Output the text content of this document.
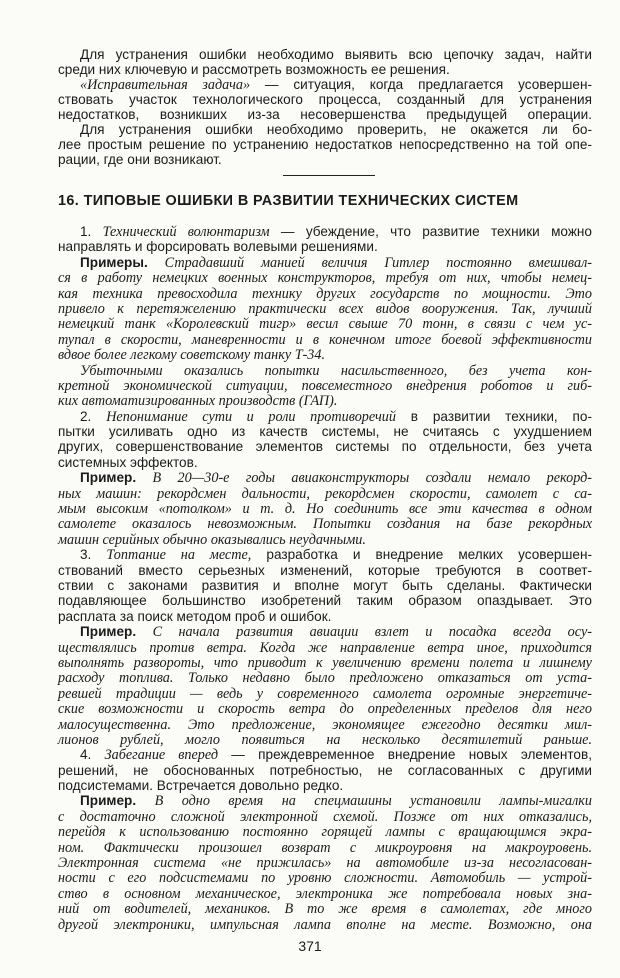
Для устранения ошибки необходимо выявить всю цепочку задач, найти
среди них ключевую и рассмотреть возможность ее решения.
«Исправительная задача» — ситуация, когда предлагается усовершен-
ствовать участок технологического процесса, созданный для устранения
недостатков, возникших из-за несовершенства предыдущей операции.
Для устранения ошибки необходимо проверить, не окажется ли бо-
лее простым решение по устранению недостатков непосредственно на той опе-
рации, где они возникают.
16. ТИПОВЫЕ ОШИБКИ В РАЗВИТИИ ТЕХНИЧЕСКИХ СИСТЕМ
1. Технический волюнтаризм — убеждение, что развитие техники можно
направлять и форсировать волевыми решениями.
Примеры. Страдавший манией величия Гитлер постоянно вмешивал-
ся в работу немецких военных конструкторов, требуя от них, чтобы немец-
кая техника превосходила технику других государств по мощности. Это
привело к перетяжелению практически всех видов вооружения. Так, лучший
немецкий танк «Королевский тигр» весил свыше 70 тонн, в связи с чем ус-
тупал в скорости, маневренности и в конечном итоге боевой эффективности
вдвое более легкому советскому танку Т-34.
Убыточными оказались попытки насильственного, без учета кон-
кретной экономической ситуации, повсеместного внедрения роботов и гиб-
ких автоматизированных производств (ГАП).
2. Непонимание сути и роли противоречий в развитии техники, по-
пытки усиливать одно из качеств системы, не считаясь с ухудшением
других, совершенствование элементов системы по отдельности, без учета
системных эффектов.
Пример. В 20—30-е годы авиаконструкторы создали немало рекорд-
ных машин: рекордсмен дальности, рекордсмен скорости, самолет с са-
мым высоким «потолком» и т. д. Но соединить все эти качества в одном
самолете оказалось невозможным. Попытки создания на базе рекордных
машин серийных обычно оказывались неудачными.
3. Топтание на месте, разработка и внедрение мелких усовершен-
ствований вместо серьезных изменений, которые требуются в соответ-
ствии с законами развития и вполне могут быть сделаны. Фактически
подавляющее большинство изобретений таким образом опаздывает. Это
расплата за поиск методом проб и ошибок.
Пример. С начала развития авиации взлет и посадка всегда осу-
ществлялись против ветра. Когда же направление ветра иное, приходится
выполнять развороты, что приводит к увеличению времени полета и лишнему
расходу топлива. Только недавно было предложено отказаться от уста-
ревшей традиции — ведь у современного самолета огромные энергетиче-
ские возможности и скорость ветра до определенных пределов для него
малосущественна. Это предложение, экономящее ежегодно десятки мил-
лионов рублей, могло появиться на несколько десятилетий раньше.
4. Забегание вперед — преждевременное внедрение новых элементов,
решений, не обоснованных потребностью, не согласованных с другими
подсистемами. Встречается довольно редко.
Пример. В одно время на спецмашины установили лампы-мигалки
с достаточно сложной электронной схемой. Позже от них отказались,
перейдя к использованию постоянно горящей лампы с вращающимся экра-
ном. Фактически произошел возврат с микроуровня на макроуровень.
Электронная система «не прижилась» на автомобиле из-за несогласован-
ности с его подсистемами по уровню сложности. Автомобиль — устрой-
ство в основном механическое, электроника же потребовала новых зна-
ний от водителей, механиков. В то же время в самолетах, где много
другой электроники, импульсная лампа вполне на месте. Возможно, она
371
